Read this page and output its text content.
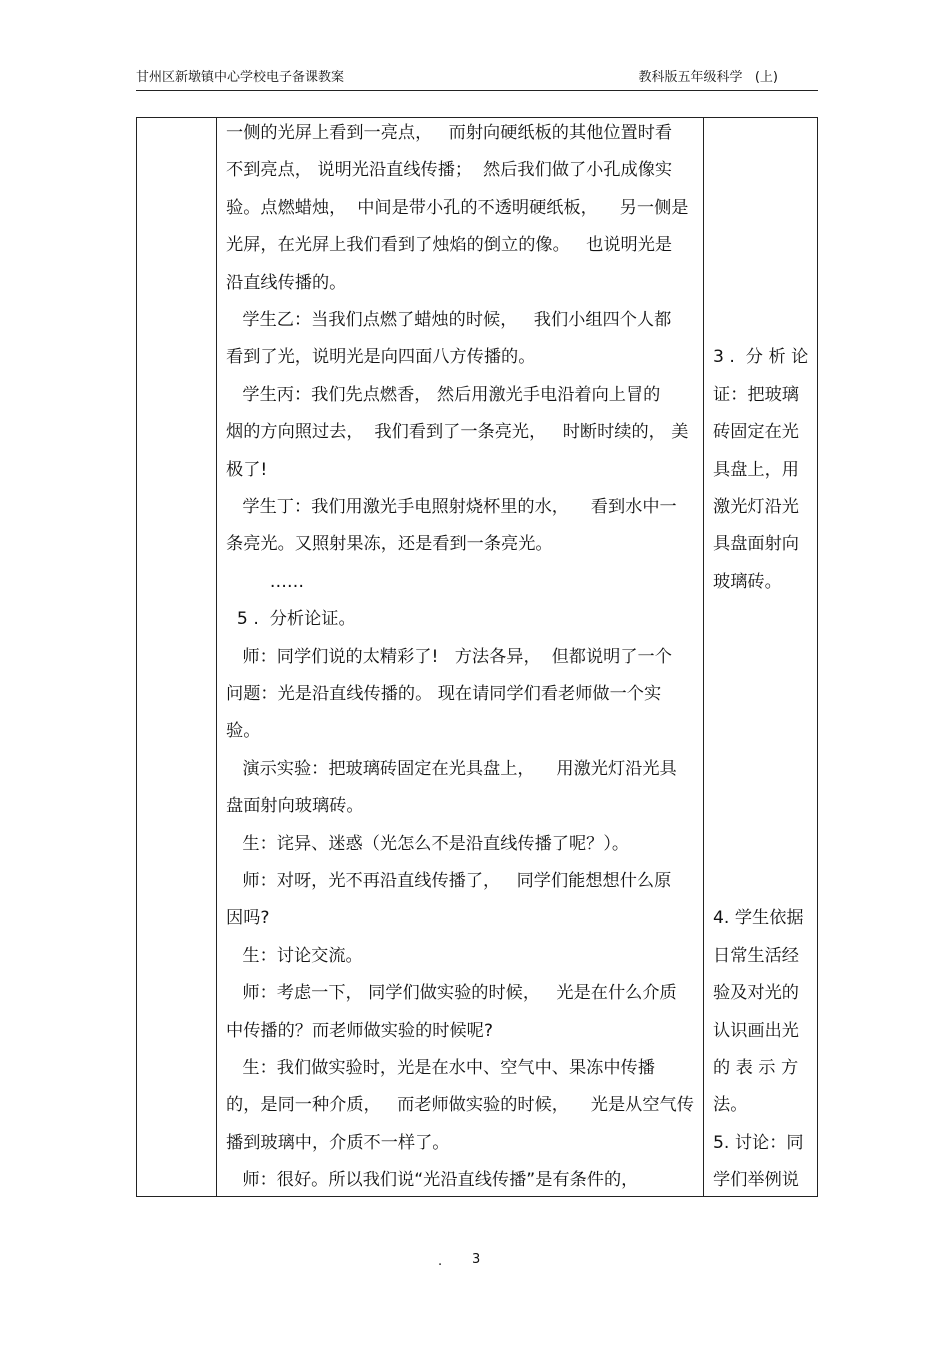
甘州区新墩镇中心学校电子备课教案	教科版五年级科学   (上)
一侧的光屏上看到一亮点，   而射向硬纸板的其他位置时看
不到亮点， 说明光沿直线传播；  然后我们做了小孔成像实
验。点燃蜡烛，  中间是带小孔的不透明硬纸板，    另一侧是
光屏，在光屏上我们看到了烛焰的倒立的像。   也说明光是
沿直线传播的。
学生乙：当我们点燃了蜡烛的时候，   我们小组四个人都
看到了光，说明光是向四面八方传播的。
学生丙：我们先点燃香， 然后用激光手电沿着向上冒的
烟的方向照过去，  我们看到了一条亮光，   时断时续的， 美
极了!
学生丁：我们用激光手电照射烧杯里的水，    看到水中一
条亮光。又照射果冻，还是看到一条亮光。
……
5 .  分析论证。
师：同学们说的太精彩了!   方法各异，  但都说明了一个
问题：光是沿直线传播的。 现在请同学们看老师做一个实
验。
演示实验：把玻璃砖固定在光具盘上，    用激光灯沿光具
盘面射向玻璃砖。
生：诧异、迷惑（光怎么不是沿直线传播了呢？）。
师：对呀，光不再沿直线传播了，   同学们能想想什么原
因吗?
生：讨论交流。
师：考虑一下， 同学们做实验的时候，   光是在什么介质
中传播的？而老师做实验的时候呢?
生：我们做实验时，光是在水中、空气中、果冻中传播
的，是同一种介质，   而老师做实验的时候，    光是从空气传
播到玻璃中，介质不一样了。
师：很好。所以我们说“光沿直线传播”是有条件的，
3 .  分 析 论
证：把玻璃
砖固定在光
具盘上，用
激光灯沿光
具盘面射向
玻璃砖。
4. 学生依据
日常生活经
验及对光的
认识画出光
的 表 示 方
法。
5. 讨论：同
学们举例说
. 3
